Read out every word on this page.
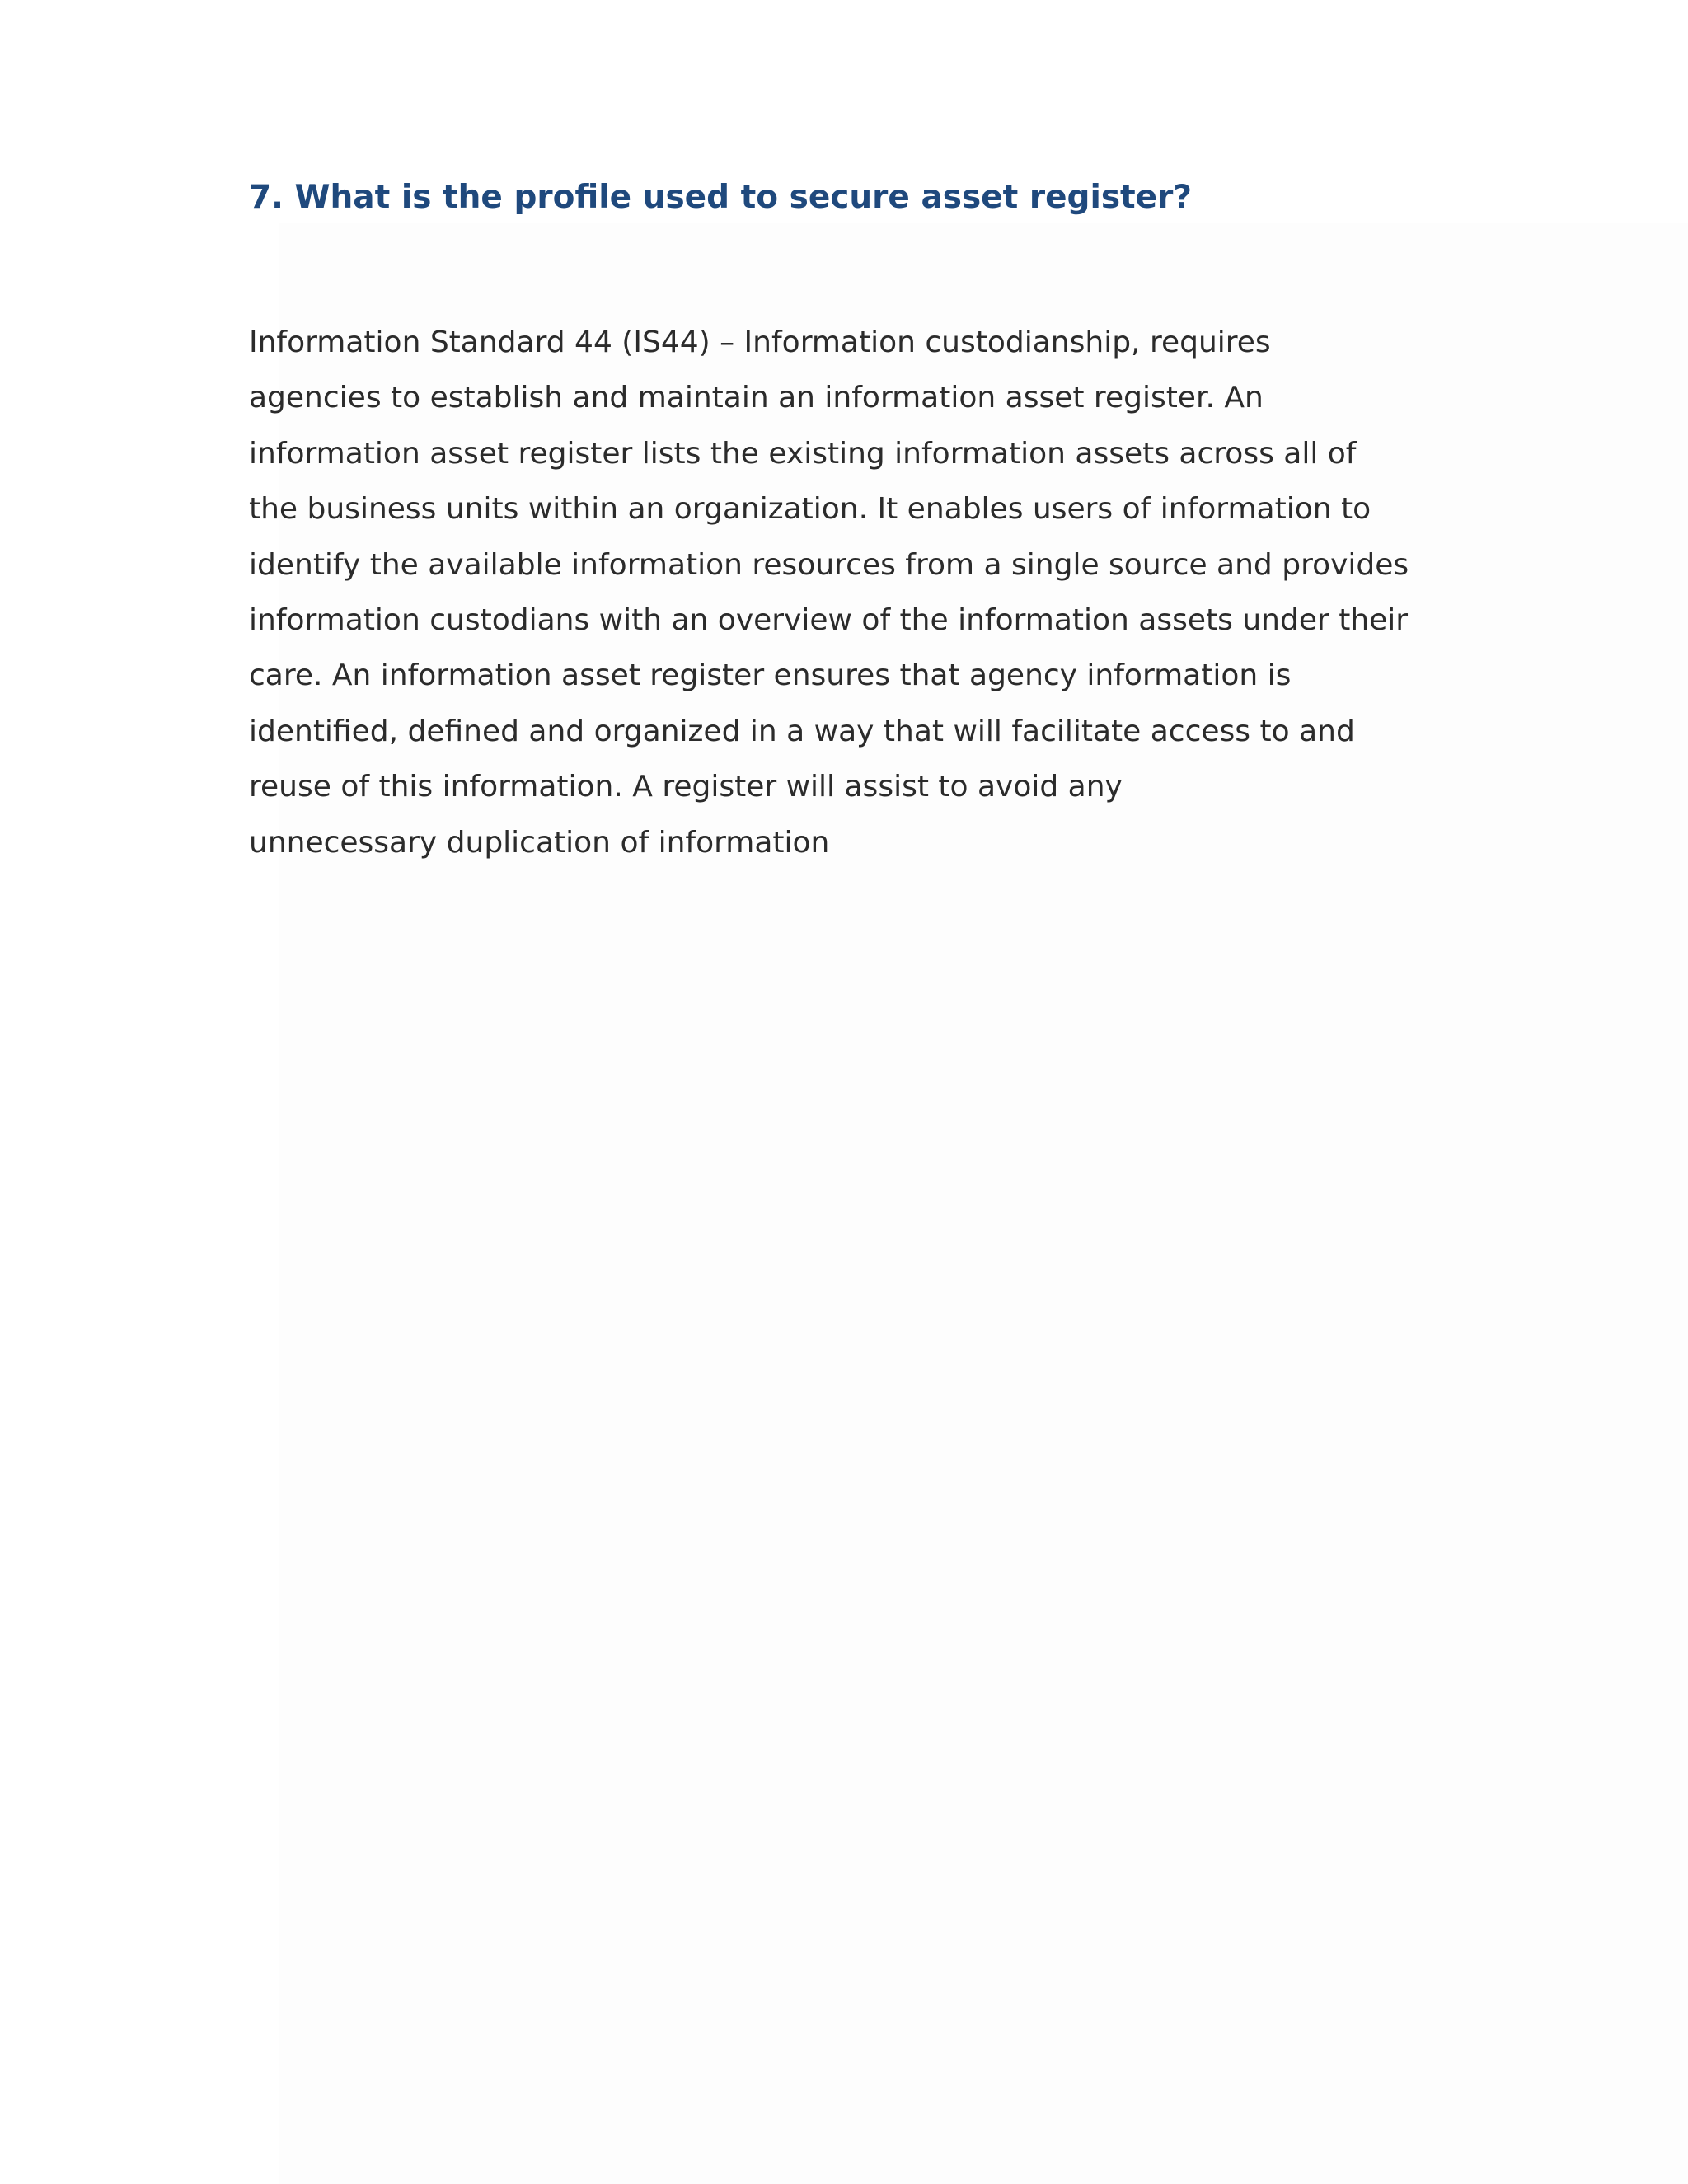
7. What is the profile used to secure asset register?
Information Standard 44 (IS44) – Information custodianship, requires
agencies to establish and maintain an information asset register. An
information asset register lists the existing information assets across all of
the business units within an organization. It enables users of information to
identify the available information resources from a single source and provides
information custodians with an overview of the information assets under their
care. An information asset register ensures that agency information is
identified, defined and organized in a way that will facilitate access to and
reuse of this information. A register will assist to avoid any
unnecessary duplication of information
